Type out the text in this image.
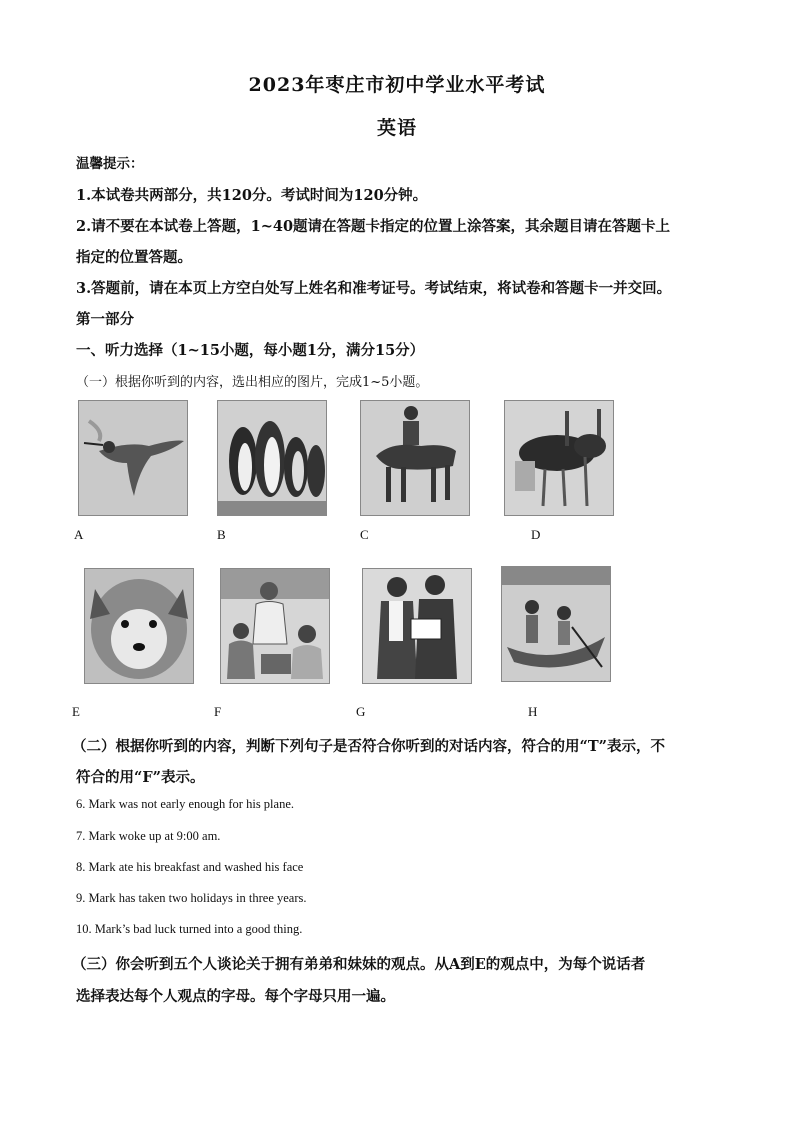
2023年枣庄市初中学业水平考试
英语
温馨提示：
1.本试卷共两部分，共120分。考试时间为120分钟。
2.请不要在本试卷上答题，1~40题请在答题卡指定的位置上涂答案，其余题目请在答题卡上
指定的位置答题。
3.答题前，请在本页上方空白处写上姓名和准考证号。考试结束，将试卷和答题卡一并交回。
第一部分
一、听力选择（1~15小题，每小题1分，满分15分）
（一）根据你听到的内容，选出相应的图片，完成1~5小题。
A	B	C	D
E	F	G	H
（二）根据你听到的内容，判断下列句子是否符合你听到的对话内容，符合的用“T”表示，不
符合的用“F”表示。
6. Mark was not early enough for his plane.
7. Mark woke up at 9:00 am.
8. Mark ate his breakfast and washed his face
9. Mark has taken two holidays in three years.
10. Mark’s bad luck turned into a good thing.
（三）你会听到五个人谈论关于拥有弟弟和妹妹的观点。从A到E的观点中，为每个说话者
选择表达每个人观点的字母。每个字母只用一遍。
